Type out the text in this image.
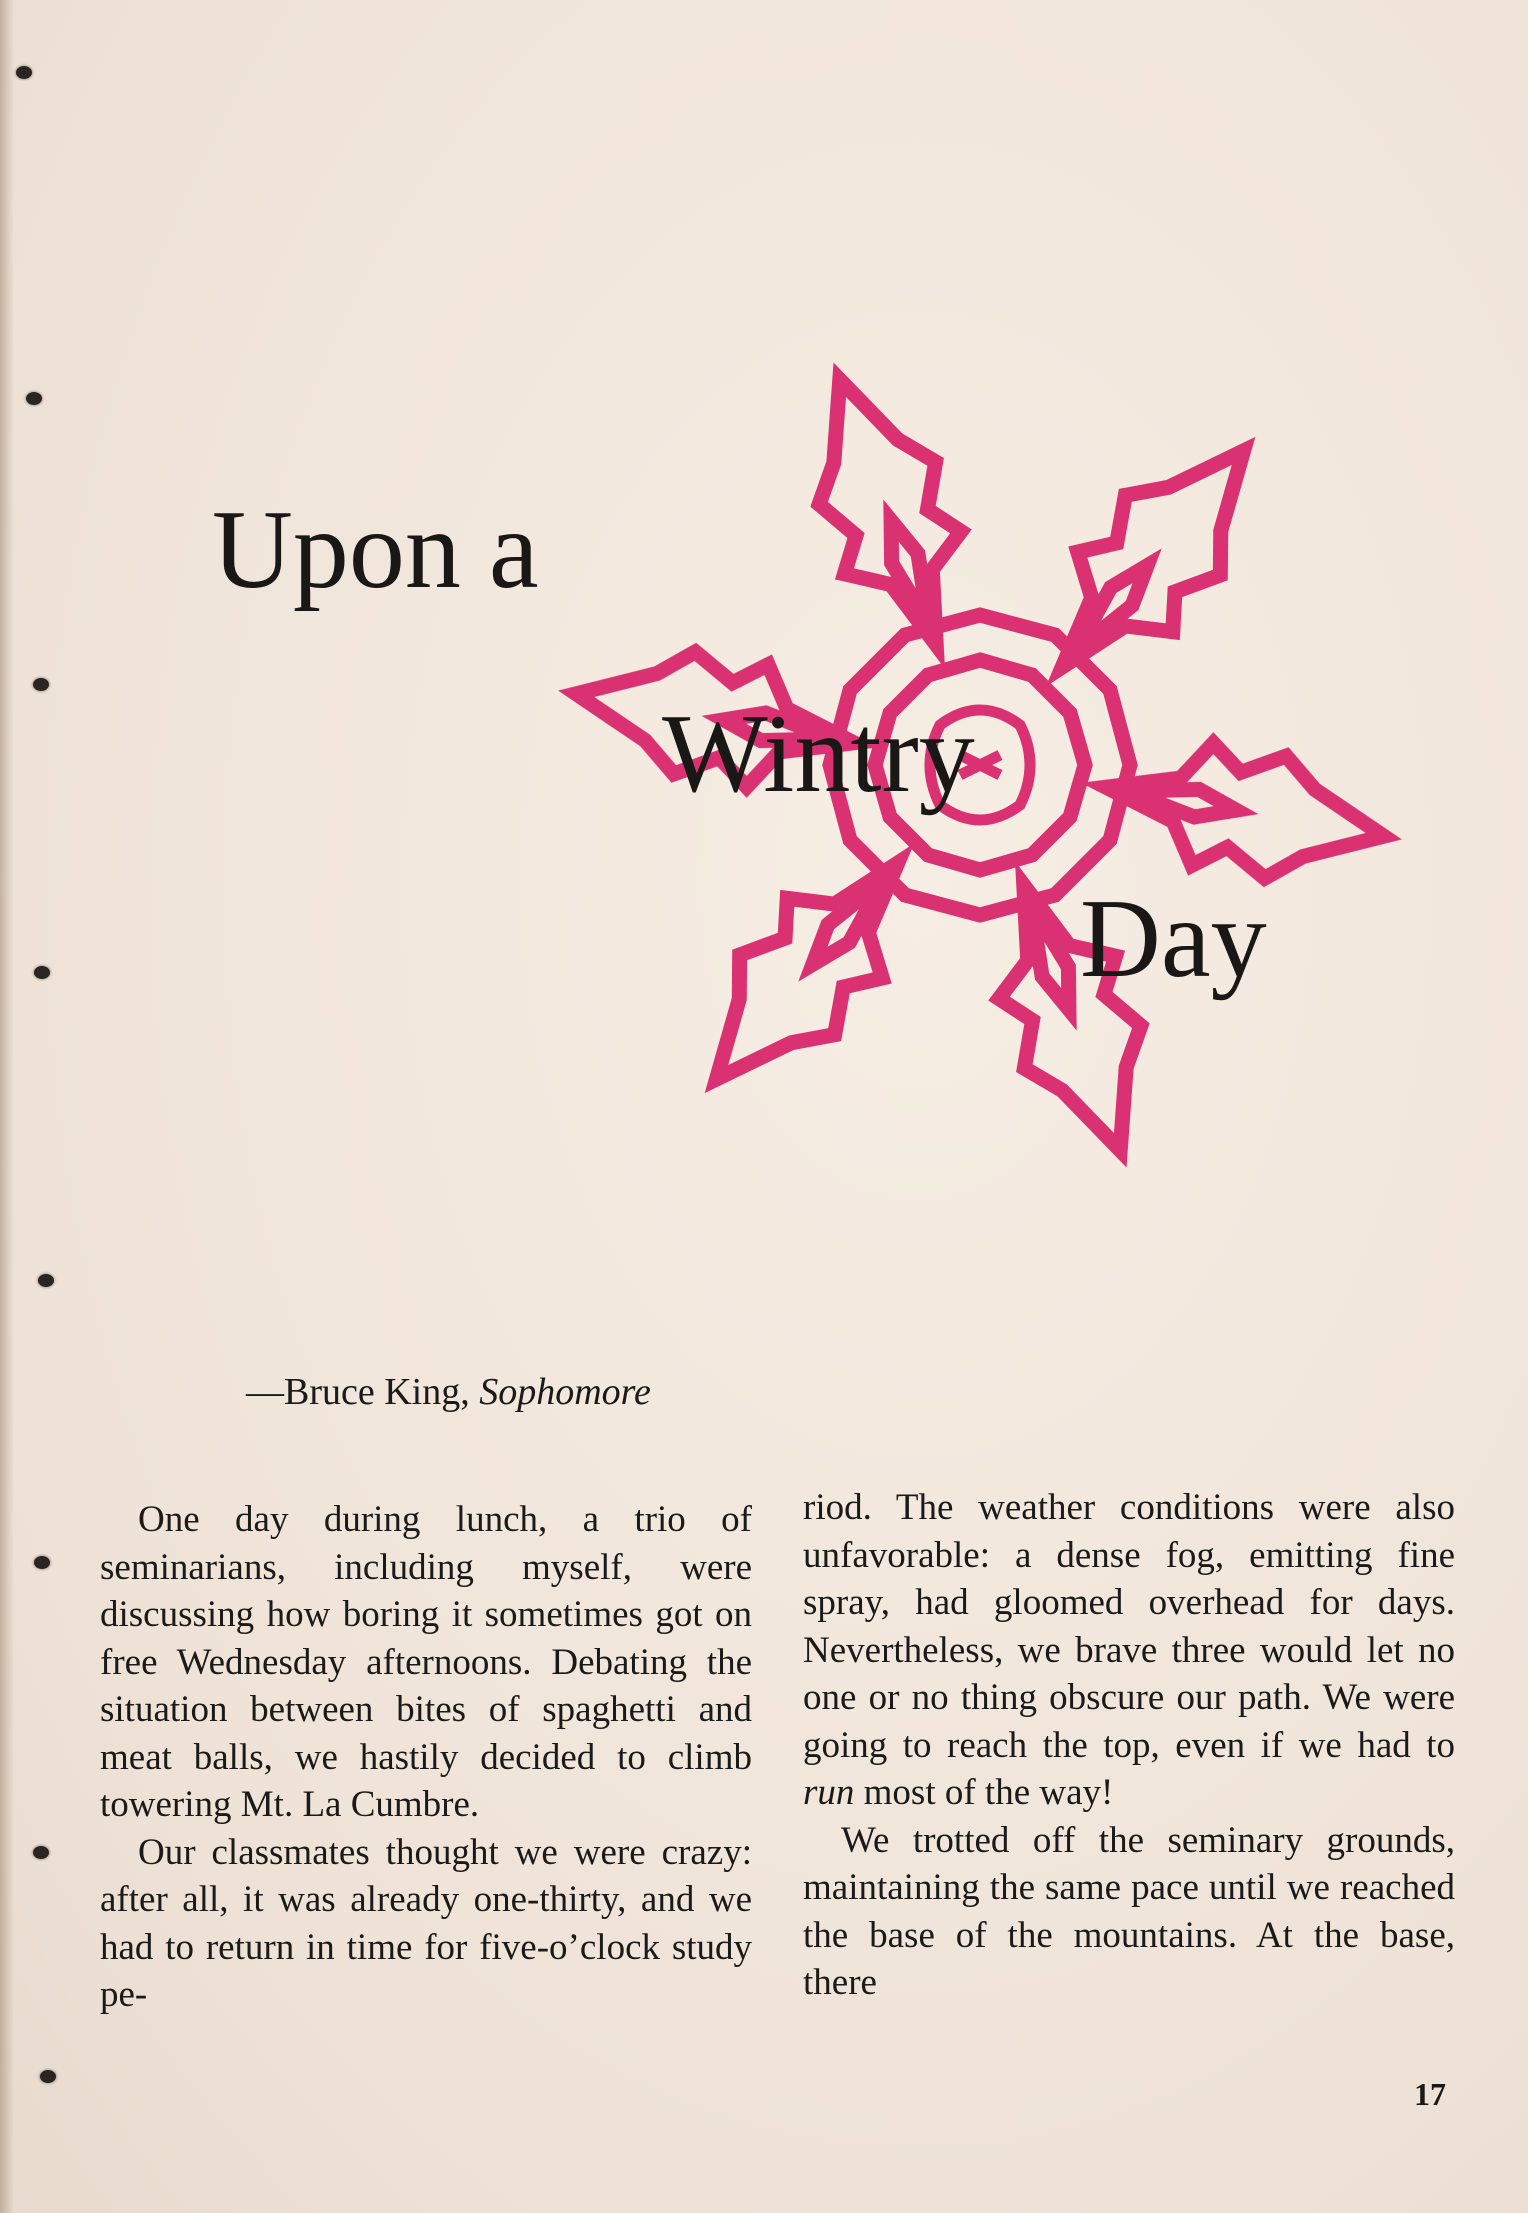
Upon a
Wintry
Day
—Bruce King, Sophomore

One day during lunch, a trio of seminarians, including myself, were discussing how boring it sometimes got on free Wednesday afternoons. Debating the situation between bites of spaghetti and meat balls, we hastily decided to climb towering Mt. La Cumbre.

Our classmates thought we were crazy: after all, it was already one-thirty, and we had to return in time for five-o’clock study pe-

riod. The weather conditions were also unfavorable: a dense fog, emitting fine spray, had gloomed overhead for days. Nevertheless, we brave three would let no one or no thing obscure our path. We were going to reach the top, even if we had to run most of the way!

We trotted off the seminary grounds, maintaining the same pace until we reached the base of the mountains. At the base, there

17
